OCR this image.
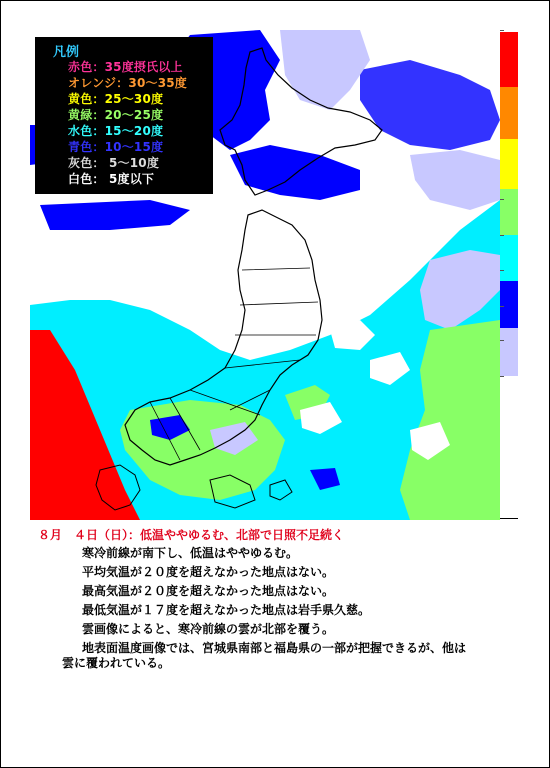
凡例
赤色：35度摂氏以上
オレンジ：30～35度
黄色：25～30度
黄緑：20～25度
水色：15～20度
青色：10～15度
灰色： 5～10度
白色： 5度以下
８月　４日（日）：低温ややゆるむ、北部で日照不足続く
寒冷前線が南下し、低温はややゆるむ。
平均気温が２０度を超えなかった地点はない。
最高気温が２０度を超えなかった地点はない。
最低気温が１７度を超えなかった地点は岩手県久慈。
雲画像によると、寒冷前線の雲が北部を覆う。
地表面温度画像では、宮城県南部と福島県の一部が把握できるが、他は
雲に覆われている。
